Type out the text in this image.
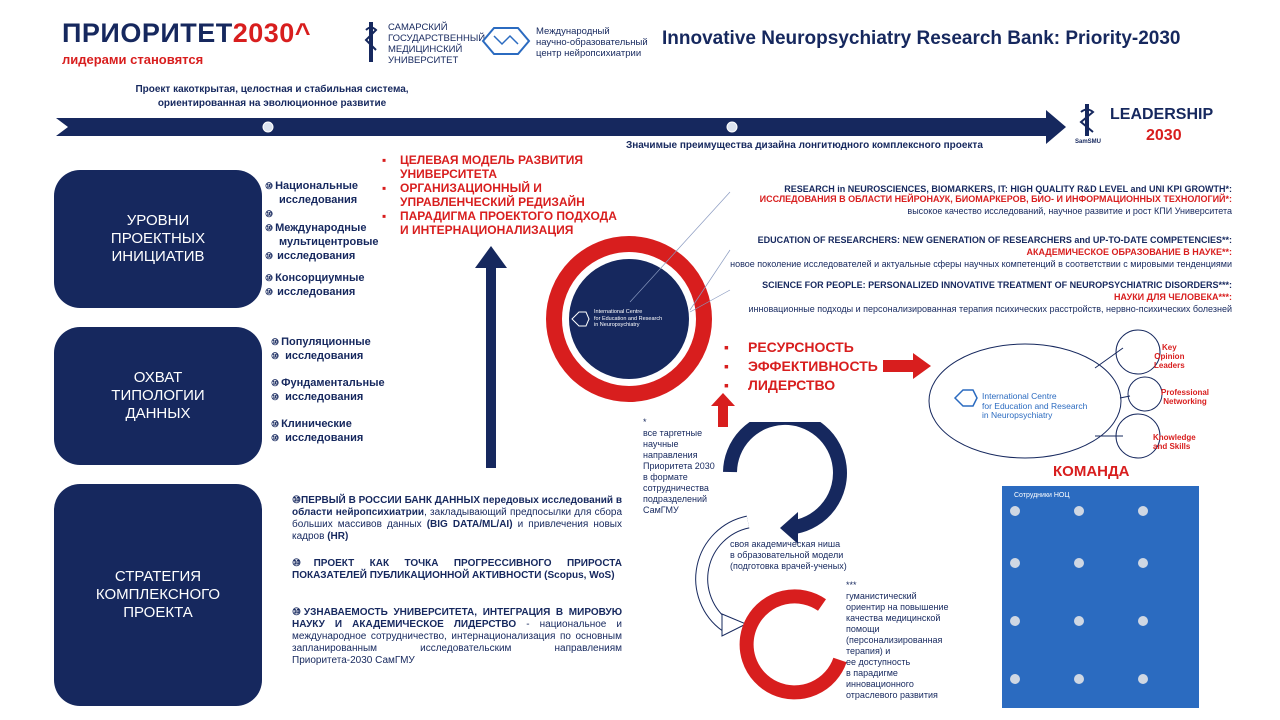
ПРИОРИТЕТ2030^
лидерами становятся
САМАРСКИЙ
ГОСУДАРСТВЕННЫЙ
МЕДИЦИНСКИЙ
УНИВЕРСИТЕТ
Международный
научно-образовательный
центр нейропсихиатрии
Innovative Neuropsychiatry Research Bank: Priority-2030
Проект какоткрытая, целостная и стабильная система,
ориентированная на эволюционное развитие
SamSMU
LEADERSHIP
2030
Значимые преимущества дизайна лонгитюдного комплексного проекта
УРОВНИ ПРОЕКТНЫХ ИНИЦИАТИВ
ОХВАТ ТИПОЛОГИИ ДАННЫХ
СТРАТЕГИЯ КОМПЛЕКСНОГО ПРОЕКТА
⑩ Национальные
исследования
⑩
⑩ Международные
мультицентровые
⑩ исследования
⑩ Консорциумные
⑩ исследования
⑩ Популяционные
⑩ исследования
⑩ Фундаментальные
⑩ исследования
⑩ Клинические
⑩ исследования
▪ ЦЕЛЕВАЯ МОДЕЛЬ РАЗВИТИЯ УНИВЕРСИТЕТА
▪ ОРГАНИЗАЦИОННЫЙ И УПРАВЛЕНЧЕСКИЙ РЕДИЗАЙН
▪ ПАРАДИГМА ПРОЕКТОГО ПОДХОДА И ИНТЕРНАЦИОНАЛИЗАЦИЯ
International Centre
for Education and Research
in Neuropsychiatry
RESEARCH in NEUROSCIENCES, BIOMARKERS, IT: HIGH QUALITY R&D LEVEL and UNI KPI GROWTH*:
ИССЛЕДОВАНИЯ В ОБЛАСТИ НЕЙРОНАУК, БИОМАРКЕРОВ, БИО- И ИНФОРМАЦИОННЫХ ТЕХНОЛОГИЙ*:
высокое качество исследований, научное развитие и рост КПИ Университета
EDUCATION OF RESEARCHERS: NEW GENERATION OF RESEARCHERS and UP-TO-DATE COMPETENCIES**:
АКАДЕМИЧЕСКОЕ ОБРАЗОВАНИЕ В НАУКЕ**:
новое поколение исследователей и актуальные сферы научных компетенций в соответствии с мировыми тенденциями
SCIENCE FOR PEOPLE: PERSONALIZED INNOVATIVE TREATMENT OF NEUROPSYCHIATRIC DISORDERS***:
НАУКИ ДЛЯ ЧЕЛОВЕКА***:
инновационные подходы и персонализированная терапия психических расстройств, нервно-психических болезней
▪ РЕСУРСНОСТЬ
▪ ЭФФЕКТИВНОСТЬ
▪ ЛИДЕРСТВО
International Centre
for Education and Research
in Neuropsychiatry
Key
Opinion
Leaders
Professional
Networking
Knowledge
and Skills
*
все таргетные
научные
направления
Приоритета 2030
в формате
сотрудничества
подразделений
СамГМУ
**
своя академическая ниша
в образовательной модели
(подготовка врачей-ученых)
***
гуманистический
ориентир на повышение
качества медицинской
помощи
(персонализированная
терапия) и
ее доступность
в парадигме
инновационного
отраслевого развития
⑩ПЕРВЫЙ В РОССИИ БАНК ДАННЫХ передовых исследований в области нейропсихиатрии, закладывающий предпосылки для сбора больших массивов данных (BIG DATA/ML/AI) и привлечения новых кадров (HR)
⑩ПРОЕКТ КАК ТОЧКА ПРОГРЕССИВНОГО ПРИРОСТА ПОКАЗАТЕЛЕЙ ПУБЛИКАЦИОННОЙ АКТИВНОСТИ (Scopus, WoS)
⑩УЗНАВАЕМОСТЬ УНИВЕРСИТЕТА, ИНТЕГРАЦИЯ В МИРОВУЮ НАУКУ И АКАДЕМИЧЕСКОЕ ЛИДЕРСТВО - национальное и международное сотрудничество, интернационализация по основным запланированным исследовательским направлениям Приоритета-2030 СамГМУ
КОМАНДА
Сотрудники НОЦ
